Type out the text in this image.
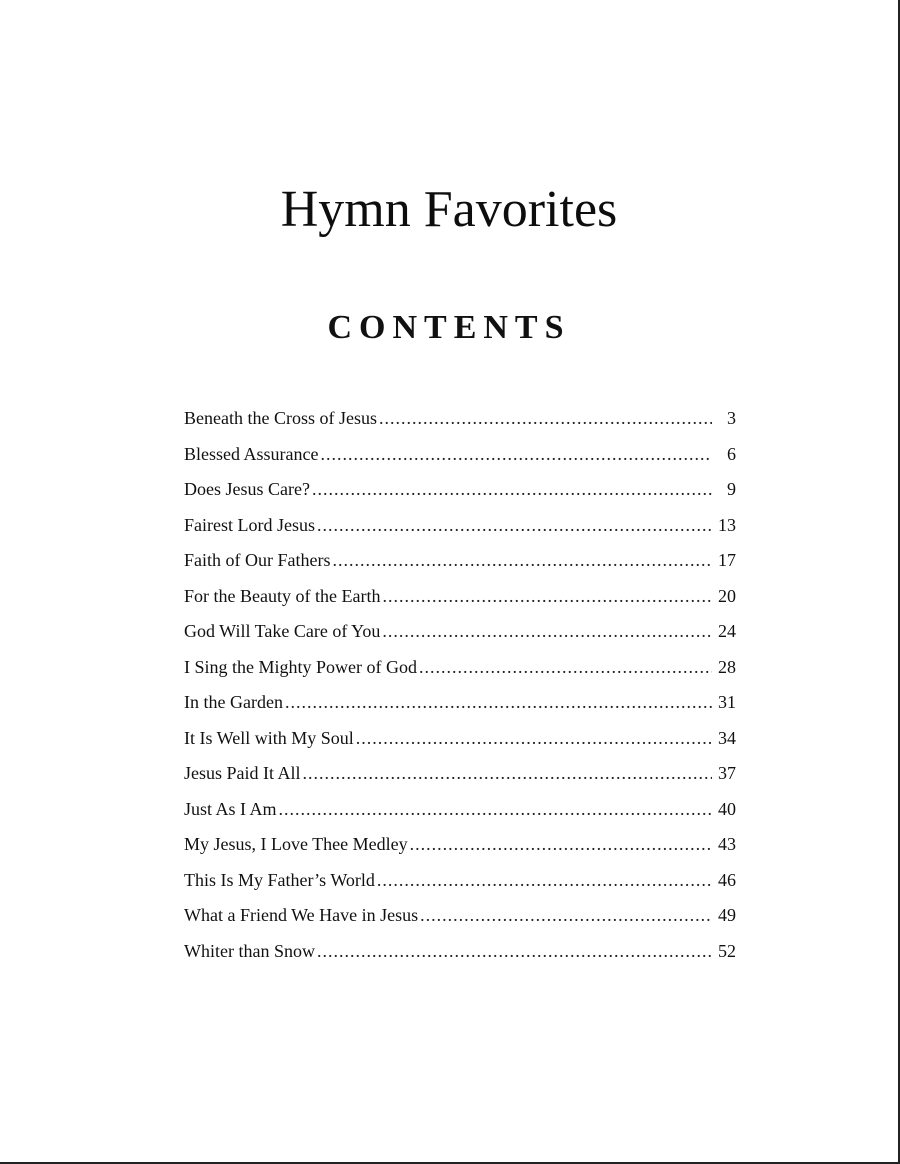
Hymn Favorites
CONTENTS
Beneath the Cross of Jesus .....	3
Blessed Assurance .....	6
Does Jesus Care? .....	9
Fairest Lord Jesus .....	13
Faith of Our Fathers .....	17
For the Beauty of the Earth .....	20
God Will Take Care of You .....	24
I Sing the Mighty Power of God .....	28
In the Garden .....	31
It Is Well with My Soul .....	34
Jesus Paid It All .....	37
Just As I Am .....	40
My Jesus, I Love Thee Medley .....	43
This Is My Father’s World .....	46
What a Friend We Have in Jesus .....	49
Whiter than Snow .....	52
